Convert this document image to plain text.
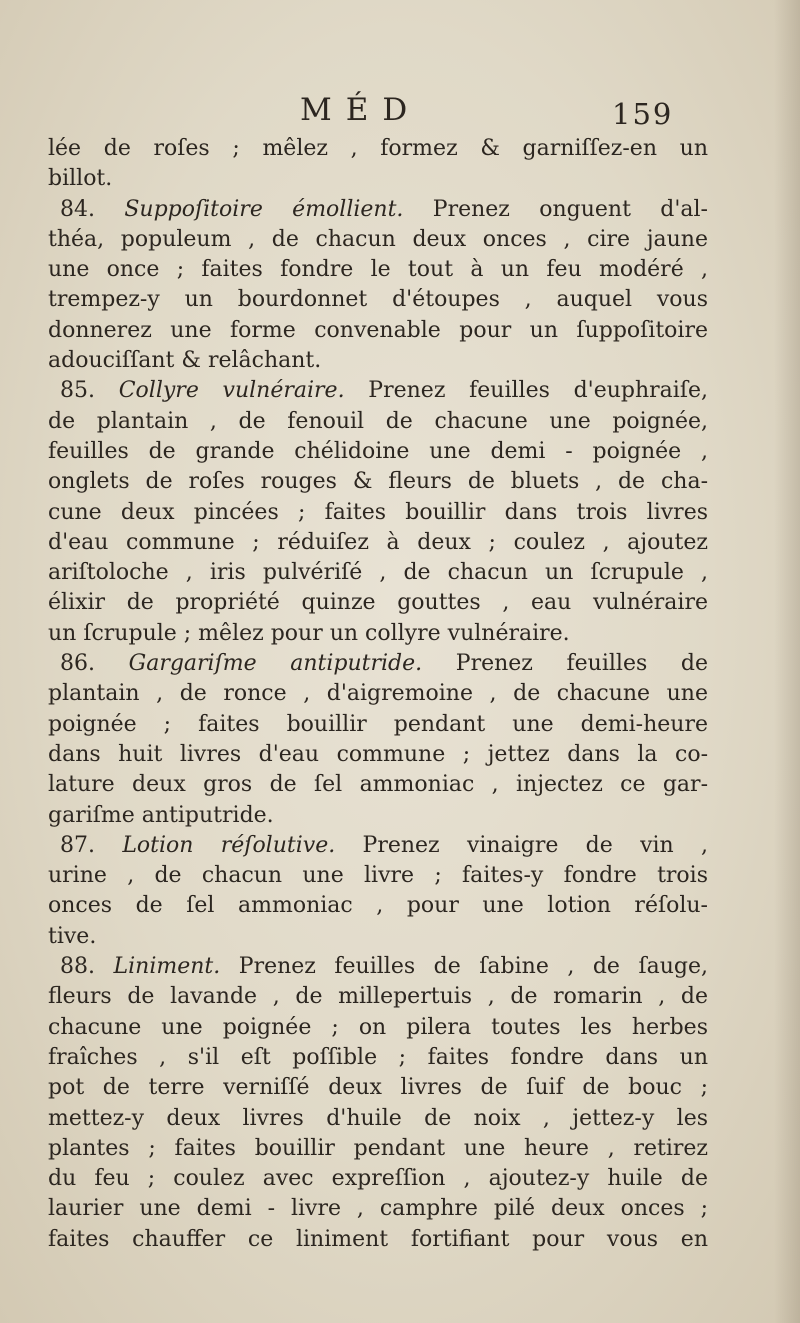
MÉD	159
lée de roſes ; mêlez , formez & garniſſez-en un
billot.
84. Suppoſitoire émollient. Prenez onguent d'al-
théa, populeum , de chacun deux onces , cire jaune
une once ; faites fondre le tout à un feu modéré ,
trempez-y un bourdonnet d'étoupes , auquel vous
donnerez une forme convenable pour un ſuppoſitoire
adouciſſant & relâchant.
85. Collyre vulnéraire. Prenez feuilles d'euphraiſe,
de plantain , de fenouil de chacune une poignée,
feuilles de grande chélidoine une demi - poignée ,
onglets de roſes rouges & fleurs de bluets , de cha-
cune deux pincées ; faites bouillir dans trois livres
d'eau commune ; réduiſez à deux ; coulez , ajoutez
ariſtoloche , iris pulvériſé , de chacun un ſcrupule ,
élixir de propriété quinze gouttes , eau vulnéraire
un ſcrupule ; mêlez pour un collyre vulnéraire.
86. Gargariſme antiputride. Prenez feuilles de
plantain , de ronce , d'aigremoine , de chacune une
poignée ; faites bouillir pendant une demi-heure
dans huit livres d'eau commune ; jettez dans la co-
lature deux gros de ſel ammoniac , injectez ce gar-
gariſme antiputride.
87. Lotion réſolutive. Prenez vinaigre de vin ,
urine , de chacun une livre ; faites-y fondre trois
onces de ſel ammoniac , pour une lotion réſolu-
tive.
88. Liniment. Prenez feuilles de ſabine , de ſauge,
fleurs de lavande , de millepertuis , de romarin , de
chacune une poignée ; on pilera toutes les herbes
fraîches , s'il eſt poſſible ; faites fondre dans un
pot de terre verniſſé deux livres de ſuif de bouc ;
mettez-y deux livres d'huile de noix , jettez-y les
plantes ; faites bouillir pendant une heure , retirez
du feu ; coulez avec expreſſion , ajoutez-y huile de
laurier une demi - livre , camphre pilé deux onces ;
faites chauffer ce liniment fortifiant pour vous en
